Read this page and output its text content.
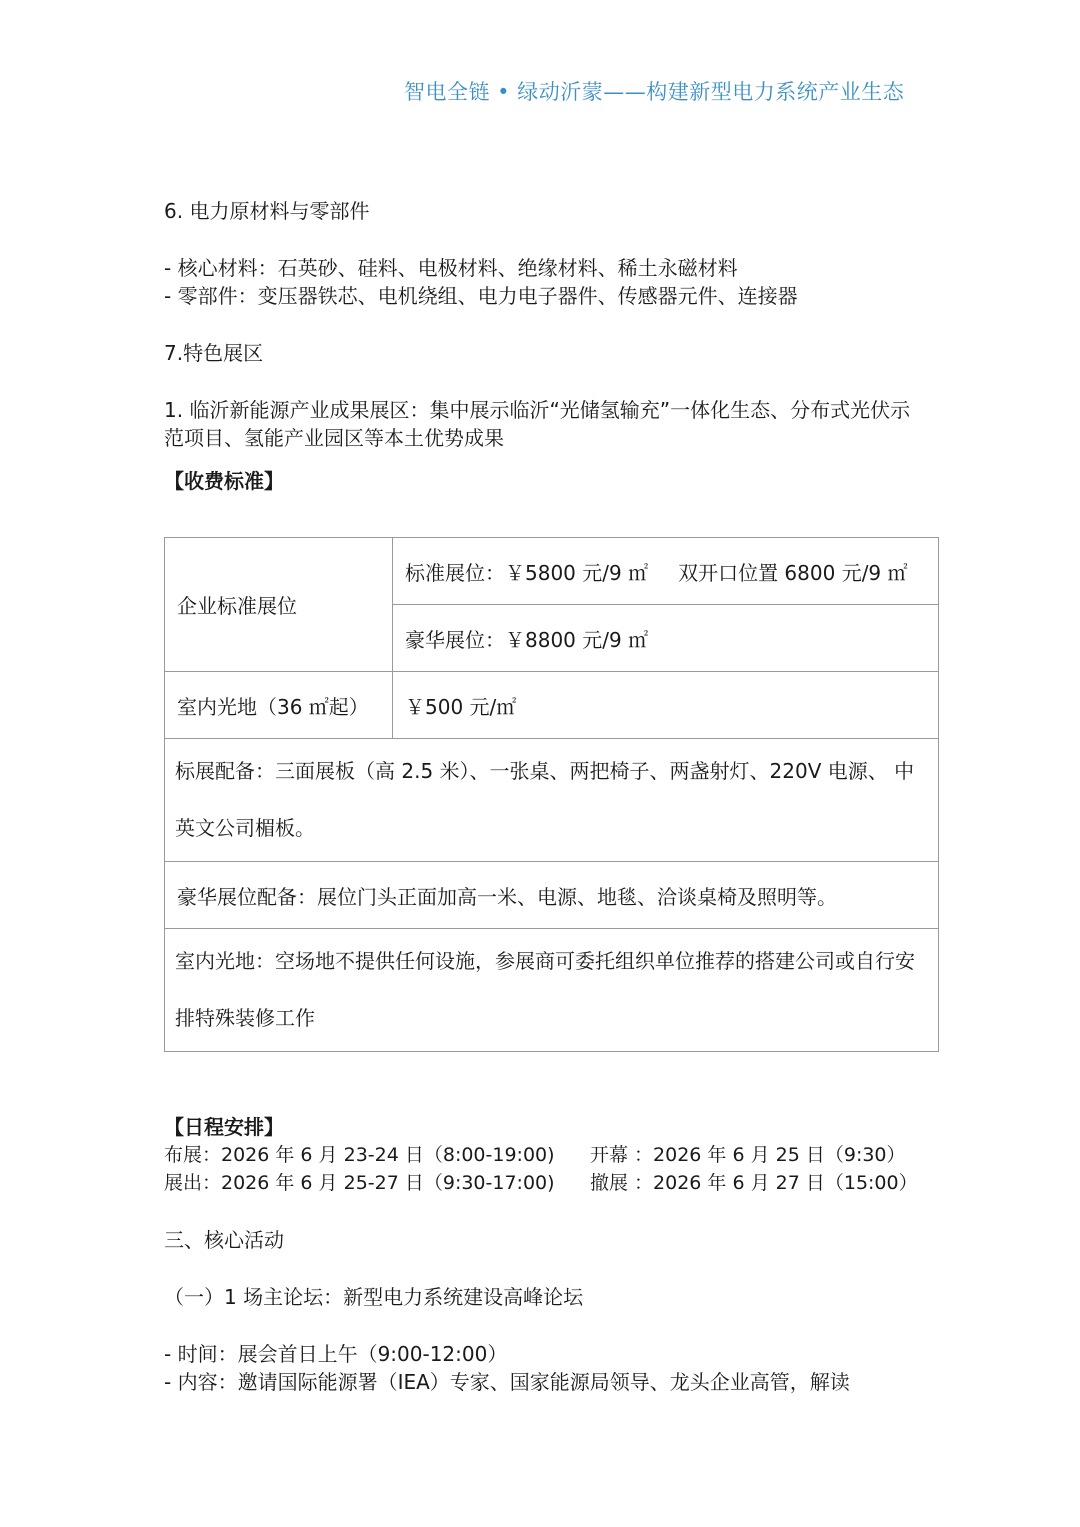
智电全链 • 绿动沂蒙——构建新型电力系统产业生态
6. 电力原材料与零部件
- 核心材料：石英砂、硅料、电极材料、绝缘材料、稀土永磁材料
- 零部件：变压器铁芯、电机绕组、电力电子器件、传感器元件、连接器
7.特色展区
1. 临沂新能源产业成果展区：集中展示临沂“光储氢输充”一体化生态、分布式光伏示范项目、氢能产业园区等本土优势成果
【收费标准】
企业标准展位	标准展位：￥5800 元/9 ㎡ 双开口位置 6800 元/9 ㎡
	豪华展位：￥8800 元/9 ㎡
室内光地（36 ㎡起）	￥500 元/㎡
标展配备：三面展板（高 2.5 米）、一张桌、两把椅子、两盏射灯、220V 电源、 中英文公司楣板。	
豪华展位配备：展位门头正面加高一米、电源、地毯、洽谈桌椅及照明等。	
室内光地：空场地不提供任何设施，参展商可委托组织单位推荐的搭建公司或自行安排特殊装修工作	
【日程安排】
布展：2026 年 6 月 23-24 日（8:00-19:00) 开幕 ：2026 年 6 月 25 日（9:30）
展出：2026 年 6 月 25-27 日（9:30-17:00) 撤展 ：2026 年 6 月 27 日（15:00）
三、核心活动
（一）1 场主论坛：新型电力系统建设高峰论坛
- 时间：展会首日上午（9:00-12:00）
- 内容：邀请国际能源署（IEA）专家、国家能源局领导、龙头企业高管，解读
